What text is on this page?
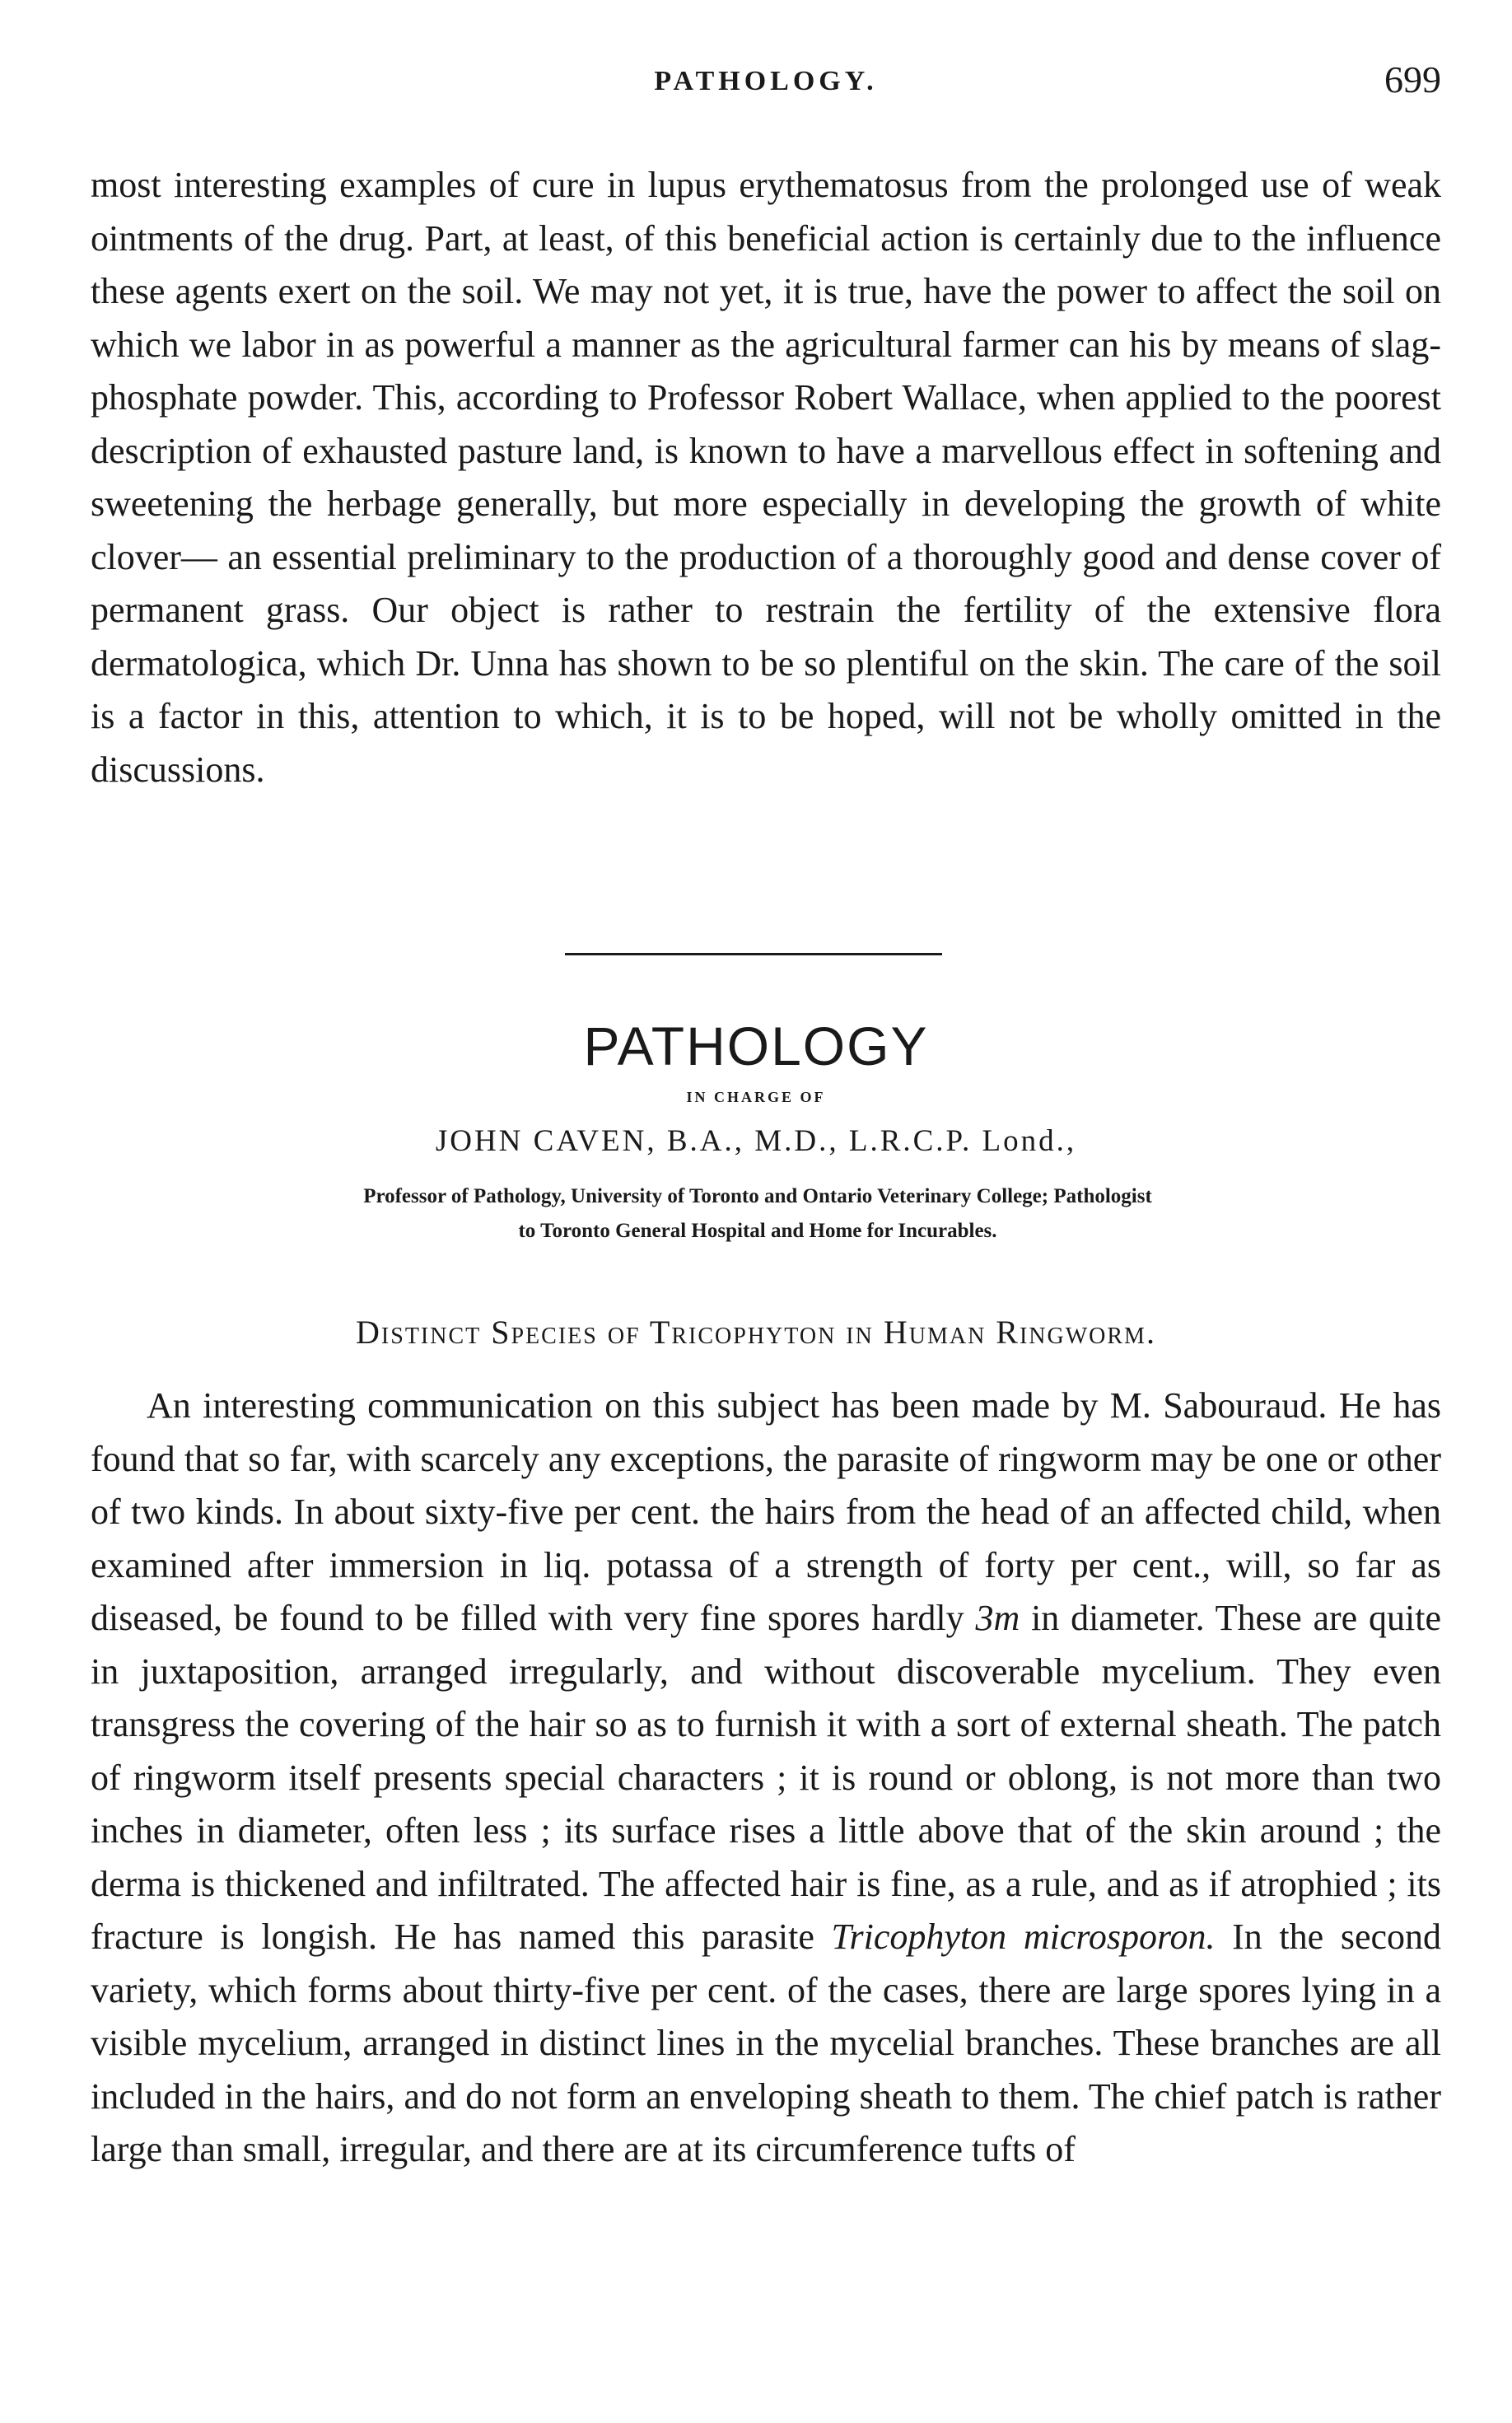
PATHOLOGY.	699

most interesting examples of cure in lupus erythematosus from the prolonged use of weak ointments of the drug. Part, at least, of this beneficial action is certainly due to the influence these agents exert on the soil. We may not yet, it is true, have the power to affect the soil on which we labor in as powerful a manner as the agricultural farmer can his by means of slag-phosphate powder. This, according to Professor Robert Wallace, when applied to the poorest description of exhausted pasture land, is known to have a marvellous effect in softening and sweetening the herbage generally, but more especially in developing the growth of white clover— an essential preliminary to the production of a thoroughly good and dense cover of permanent grass. Our object is rather to restrain the fertility of the extensive flora dermatologica, which Dr. Unna has shown to be so plentiful on the skin. The care of the soil is a factor in this, attention to which, it is to be hoped, will not be wholly omitted in the discussions.

PATHOLOGY
IN CHARGE OF
JOHN CAVEN, B.A., M.D., L.R.C.P. Lond.,
Professor of Pathology, University of Toronto and Ontario Veterinary College; Pathologist
to Toronto General Hospital and Home for Incurables.
Distinct Species of Tricophyton in Human Ringworm.

An interesting communication on this subject has been made by M. Sabouraud. He has found that so far, with scarcely any exceptions, the parasite of ringworm may be one or other of two kinds. In about sixty-five per cent. the hairs from the head of an affected child, when examined after immersion in liq. potassa of a strength of forty per cent., will, so far as diseased, be found to be filled with very fine spores hardly 3m in diameter. These are quite in juxtaposition, arranged irregularly, and without discoverable mycelium. They even transgress the covering of the hair so as to furnish it with a sort of external sheath. The patch of ringworm itself presents special characters ; it is round or oblong, is not more than two inches in diameter, often less ; its surface rises a little above that of the skin around ; the derma is thickened and infiltrated. The affected hair is fine, as a rule, and as if atrophied ; its fracture is longish. He has named this parasite Tricophyton microsporon. In the second variety, which forms about thirty-five per cent. of the cases, there are large spores lying in a visible mycelium, arranged in distinct lines in the mycelial branches. These branches are all included in the hairs, and do not form an enveloping sheath to them. The chief patch is rather large than small, irregular, and there are at its circumference tufts of
